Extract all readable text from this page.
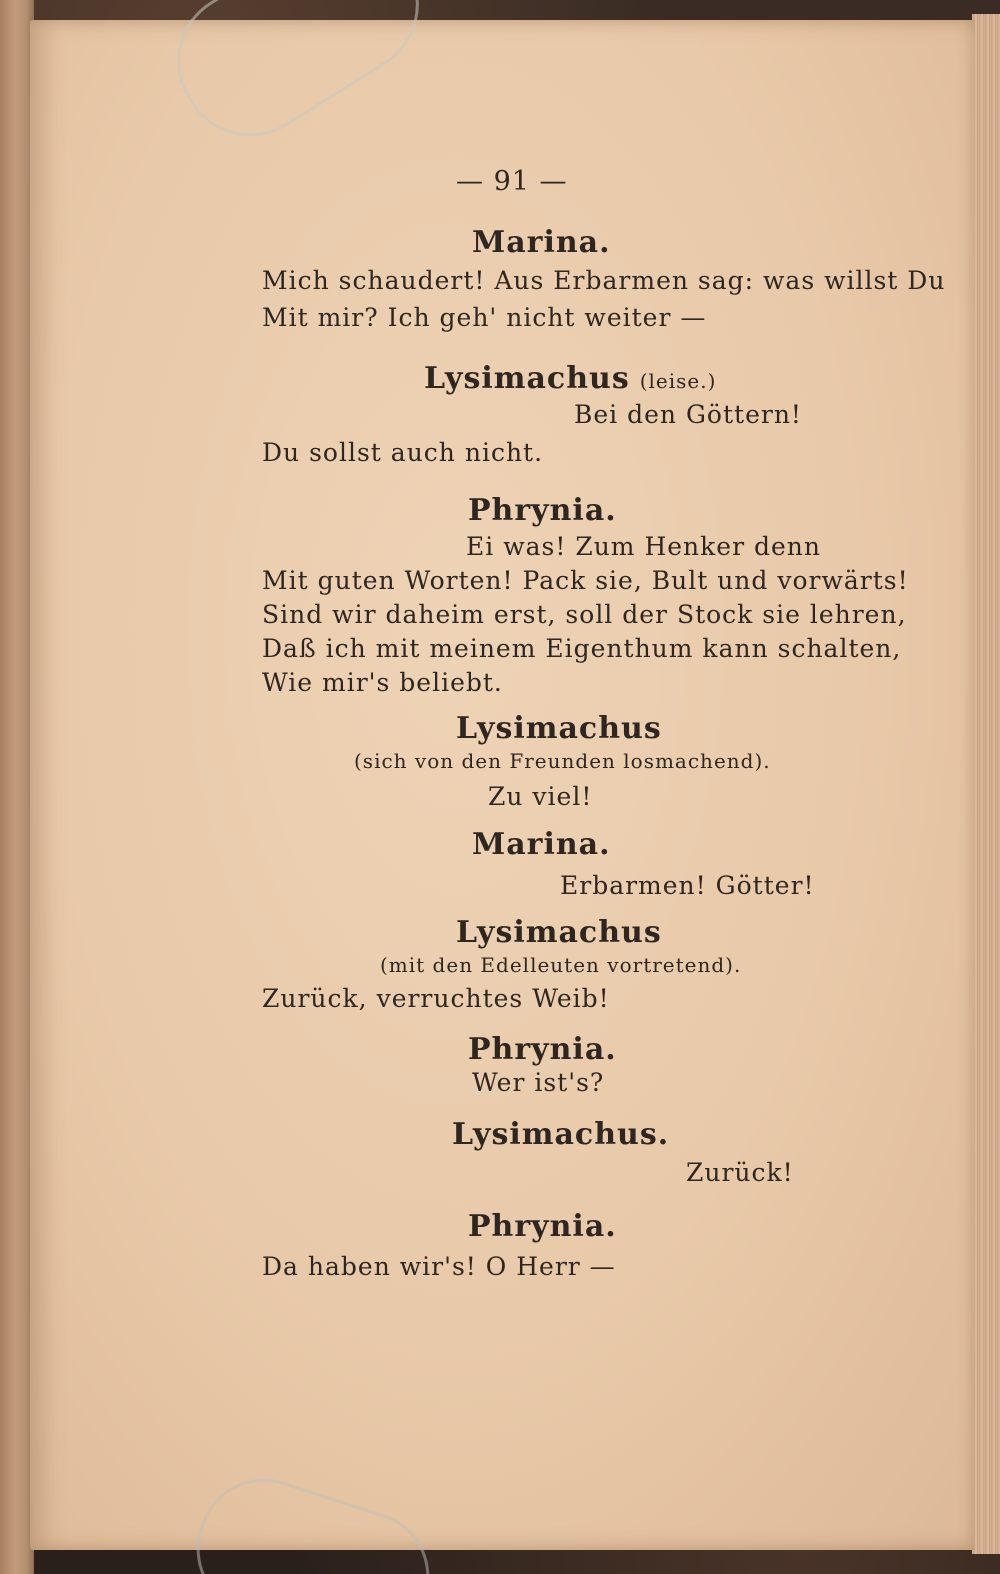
— 91 —
Marina.
Mich schaudert! Aus Erbarmen sag: was willst Du
Mit mir? Ich geh' nicht weiter —
Lysimachus (leise.)
Bei den Göttern!
Du sollst auch nicht.
Phrynia.
Ei was! Zum Henker denn
Mit guten Worten! Pack sie, Bult und vorwärts!
Sind wir daheim erst, soll der Stock sie lehren,
Daß ich mit meinem Eigenthum kann schalten,
Wie mir's beliebt.
Lysimachus
(sich von den Freunden losmachend).
Zu viel!
Marina.
Erbarmen! Götter!
Lysimachus
(mit den Edelleuten vortretend).
Zurück, verruchtes Weib!
Phrynia.
Wer ist's?
Lysimachus.
Zurück!
Phrynia.
Da haben wir's! O Herr —
